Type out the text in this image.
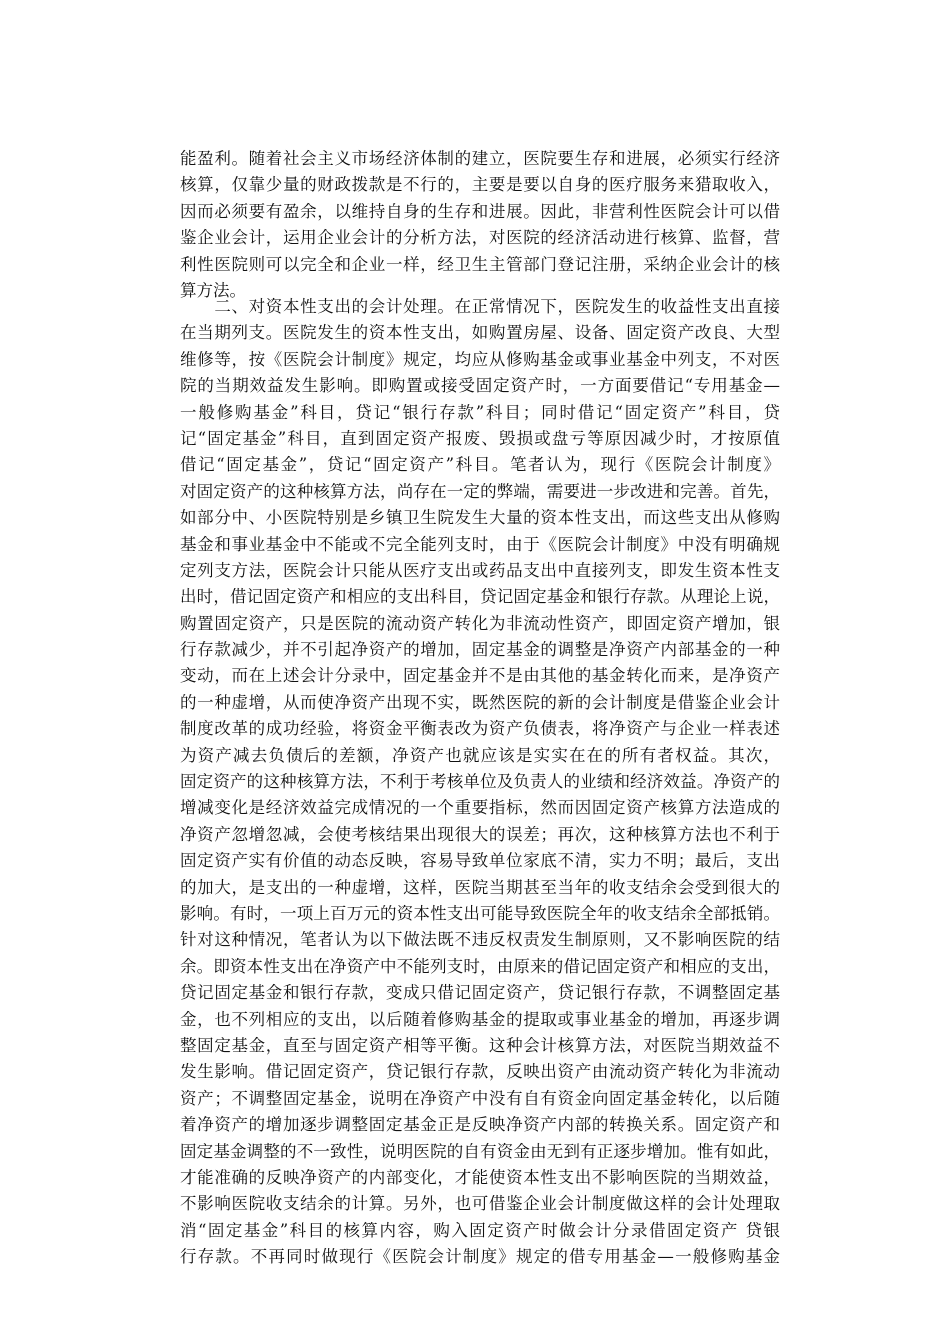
能盈利。随着社会主义市场经济体制的建立，医院要生存和进展，必须实行经济
核算，仅靠少量的财政拨款是不行的，主要是要以自身的医疗服务来猎取收入，
因而必须要有盈余，以维持自身的生存和进展。因此，非营利性医院会计可以借
鉴企业会计，运用企业会计的分析方法，对医院的经济活动进行核算、监督，营
利性医院则可以完全和企业一样，经卫生主管部门登记注册，采纳企业会计的核
算方法。
　　二、对资本性支出的会计处理。在正常情况下，医院发生的收益性支出直接
在当期列支。医院发生的资本性支出，如购置房屋、设备、固定资产改良、大型
维修等，按《医院会计制度》规定，均应从修购基金或事业基金中列支，不对医
院的当期效益发生影响。即购置或接受固定资产时，一方面要借记“专用基金—
一般修购基金”科目，贷记“银行存款”科目；同时借记“固定资产”科目，贷
记“固定基金”科目，直到固定资产报废、毁损或盘亏等原因减少时，才按原值
借记“固定基金”，贷记“固定资产”科目。笔者认为，现行《医院会计制度》
对固定资产的这种核算方法，尚存在一定的弊端，需要进一步改进和完善。首先，
如部分中、小医院特别是乡镇卫生院发生大量的资本性支出，而这些支出从修购
基金和事业基金中不能或不完全能列支时，由于《医院会计制度》中没有明确规
定列支方法，医院会计只能从医疗支出或药品支出中直接列支，即发生资本性支
出时，借记固定资产和相应的支出科目，贷记固定基金和银行存款。从理论上说，
购置固定资产，只是医院的流动资产转化为非流动性资产，即固定资产增加，银
行存款减少，并不引起净资产的增加，固定基金的调整是净资产内部基金的一种
变动，而在上述会计分录中，固定基金并不是由其他的基金转化而来，是净资产
的一种虚增，从而使净资产出现不实，既然医院的新的会计制度是借鉴企业会计
制度改革的成功经验，将资金平衡表改为资产负债表，将净资产与企业一样表述
为资产减去负债后的差额，净资产也就应该是实实在在的所有者权益。其次，
固定资产的这种核算方法，不利于考核单位及负责人的业绩和经济效益。净资产的
增减变化是经济效益完成情况的一个重要指标，然而因固定资产核算方法造成的
净资产忽增忽减，会使考核结果出现很大的误差；再次，这种核算方法也不利于
固定资产实有价值的动态反映，容易导致单位家底不清，实力不明；最后，支出
的加大，是支出的一种虚增，这样，医院当期甚至当年的收支结余会受到很大的
影响。有时，一项上百万元的资本性支出可能导致医院全年的收支结余全部抵销。
针对这种情况，笔者认为以下做法既不违反权责发生制原则，又不影响医院的结
余。即资本性支出在净资产中不能列支时，由原来的借记固定资产和相应的支出，
贷记固定基金和银行存款，变成只借记固定资产，贷记银行存款，不调整固定基
金，也不列相应的支出，以后随着修购基金的提取或事业基金的增加，再逐步调
整固定基金，直至与固定资产相等平衡。这种会计核算方法，对医院当期效益不
发生影响。借记固定资产，贷记银行存款，反映出资产由流动资产转化为非流动
资产；不调整固定基金，说明在净资产中没有自有资金向固定基金转化，以后随
着净资产的增加逐步调整固定基金正是反映净资产内部的转换关系。固定资产和
固定基金调整的不一致性，说明医院的自有资金由无到有正逐步增加。惟有如此，
才能准确的反映净资产的内部变化，才能使资本性支出不影响医院的当期效益，
不影响医院收支结余的计算。另外，也可借鉴企业会计制度做这样的会计处理取
消“固定基金”科目的核算内容，购入固定资产时做会计分录借固定资产 贷银
行存款。不再同时做现行《医院会计制度》规定的借专用基金—一般修购基金
